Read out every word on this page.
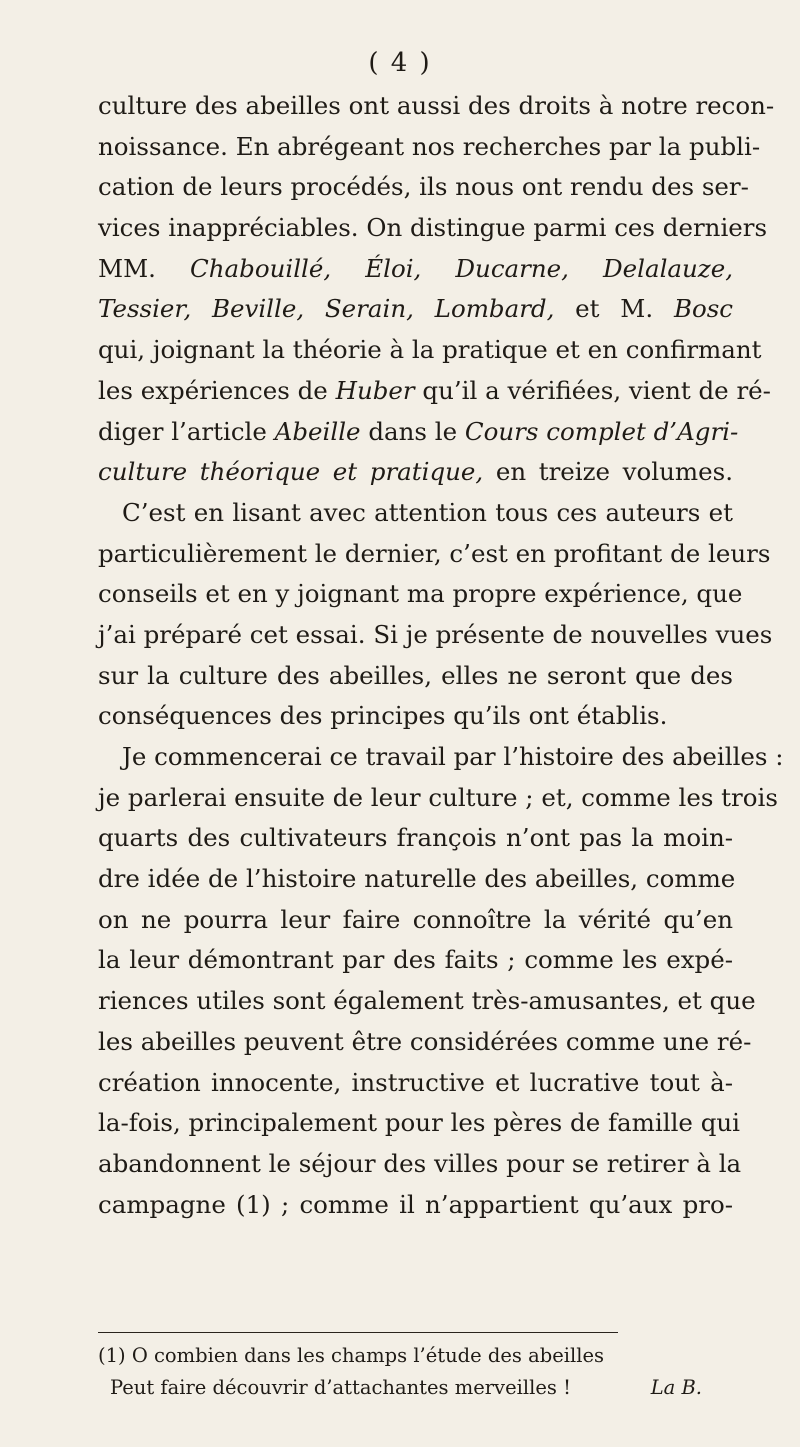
( 4 )
culture des abeilles ont aussi des droits à notre recon-
noissance. En abrégeant nos recherches par la publi-
cation de leurs procédés, ils nous ont rendu des ser-
vices inappréciables. On distingue parmi ces derniers
MM. Chabouillé, Éloi, Ducarne, Delalauze,
Tessier, Beville, Serain, Lombard, et M. Bosc
qui, joignant la théorie à la pratique et en confirmant
les expériences de Huber qu’il a vérifiées, vient de ré-
diger l’article Abeille dans le Cours complet d’Agri-
culture théorique et pratique, en treize volumes.
C’est en lisant avec attention tous ces auteurs et
particulièrement le dernier, c’est en profitant de leurs
conseils et en y joignant ma propre expérience, que
j’ai préparé cet essai. Si je présente de nouvelles vues
sur la culture des abeilles, elles ne seront que des
conséquences des principes qu’ils ont établis.
Je commencerai ce travail par l’histoire des abeilles :
je parlerai ensuite de leur culture ; et, comme les trois
quarts des cultivateurs françois n’ont pas la moin-
dre idée de l’histoire naturelle des abeilles, comme
on ne pourra leur faire connoître la vérité qu’en
la leur démontrant par des faits ; comme les expé-
riences utiles sont également très-amusantes, et que
les abeilles peuvent être considérées comme une ré-
création innocente, instructive et lucrative tout à-
la-fois, principalement pour les pères de famille qui
abandonnent le séjour des villes pour se retirer à la
campagne (1) ; comme il n’appartient qu’aux pro-
(1) O combien dans les champs l’étude des abeilles
Peut faire découvrir d’attachantes merveilles !	La B.
